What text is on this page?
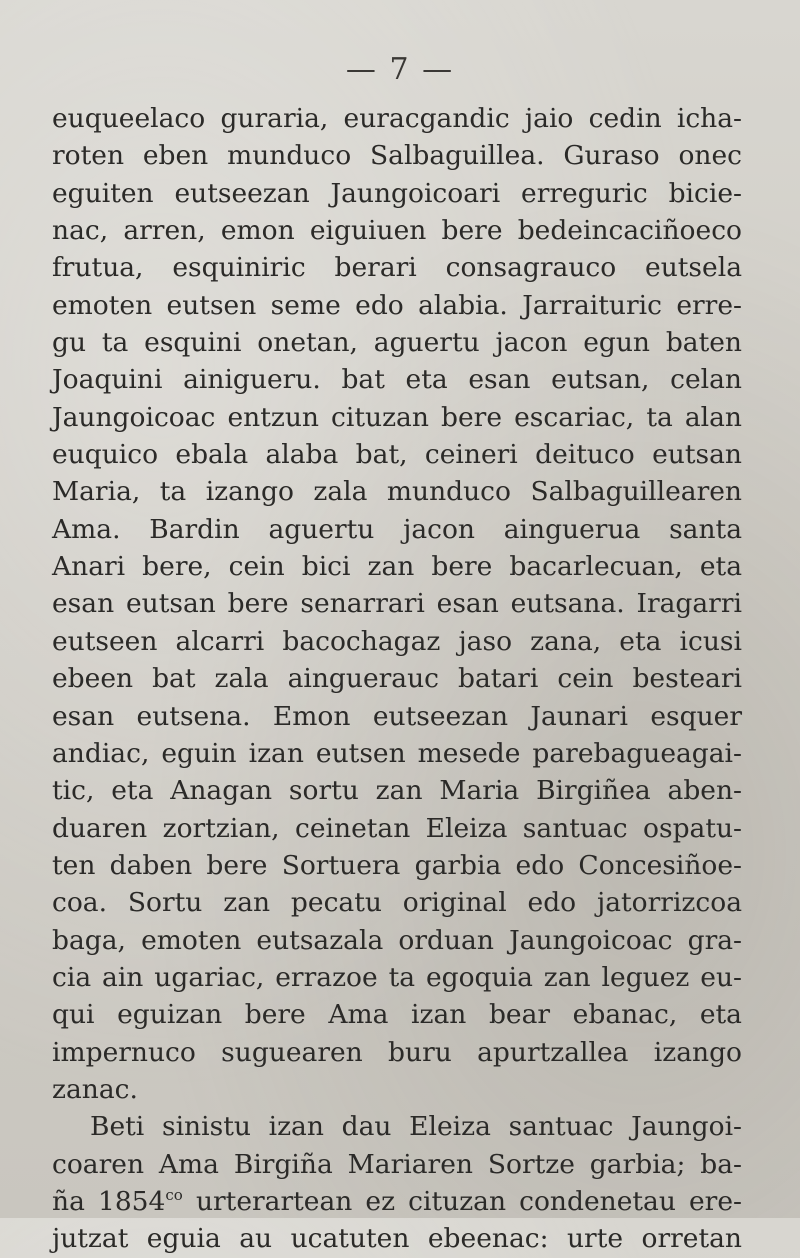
— 7 —
euqueelaco guraria, euracgandic jaio cedin icha-
roten eben munduco Salbaguillea. Guraso onec
eguiten eutseezan Jaungoicoari erreguric bicie-
nac, arren, emon eiguiuen bere bedeincaciñoeco
frutua, esquiniric berari consagrauco eutsela
emoten eutsen seme edo alabia. Jarraituric erre-
gu ta esquini onetan, aguertu jacon egun baten
Joaquini ainigueru. bat eta esan eutsan, celan
Jaungoicoac entzun cituzan bere escariac, ta alan
euquico ebala alaba bat, ceineri deituco eutsan
Maria, ta izango zala munduco Salbaguillearen
Ama. Bardin aguertu jacon ainguerua santa
Anari bere, cein bici zan bere bacarlecuan, eta
esan eutsan bere senarrari esan eutsana. Iragarri
eutseen alcarri bacochagaz jaso zana, eta icusi
ebeen bat zala ainguerauc batari cein besteari
esan eutsena. Emon eutseezan Jaunari esquer
andiac, eguin izan eutsen mesede parebagueagai-
tic, eta Anagan sortu zan Maria Birgiñea aben-
duaren zortzian, ceinetan Eleiza santuac ospatu-
ten daben bere Sortuera garbia edo Concesiñoe-
coa. Sortu zan pecatu original edo jatorrizcoa
baga, emoten eutsazala orduan Jaungoicoac gra-
cia ain ugariac, errazoe ta egoquia zan leguez eu-
qui eguizan bere Ama izan bear ebanac, eta
impernuco suguearen buru apurtzallea izango
zanac.
Beti sinistu izan dau Eleiza santuac Jaungoi-
coaren Ama Birgiña Mariaren Sortze garbia; ba-
ña $1854^{co}$ urterartean ez cituzan condenetau ere-
jutzat eguia au ucatuten ebeenac: urte orretan
